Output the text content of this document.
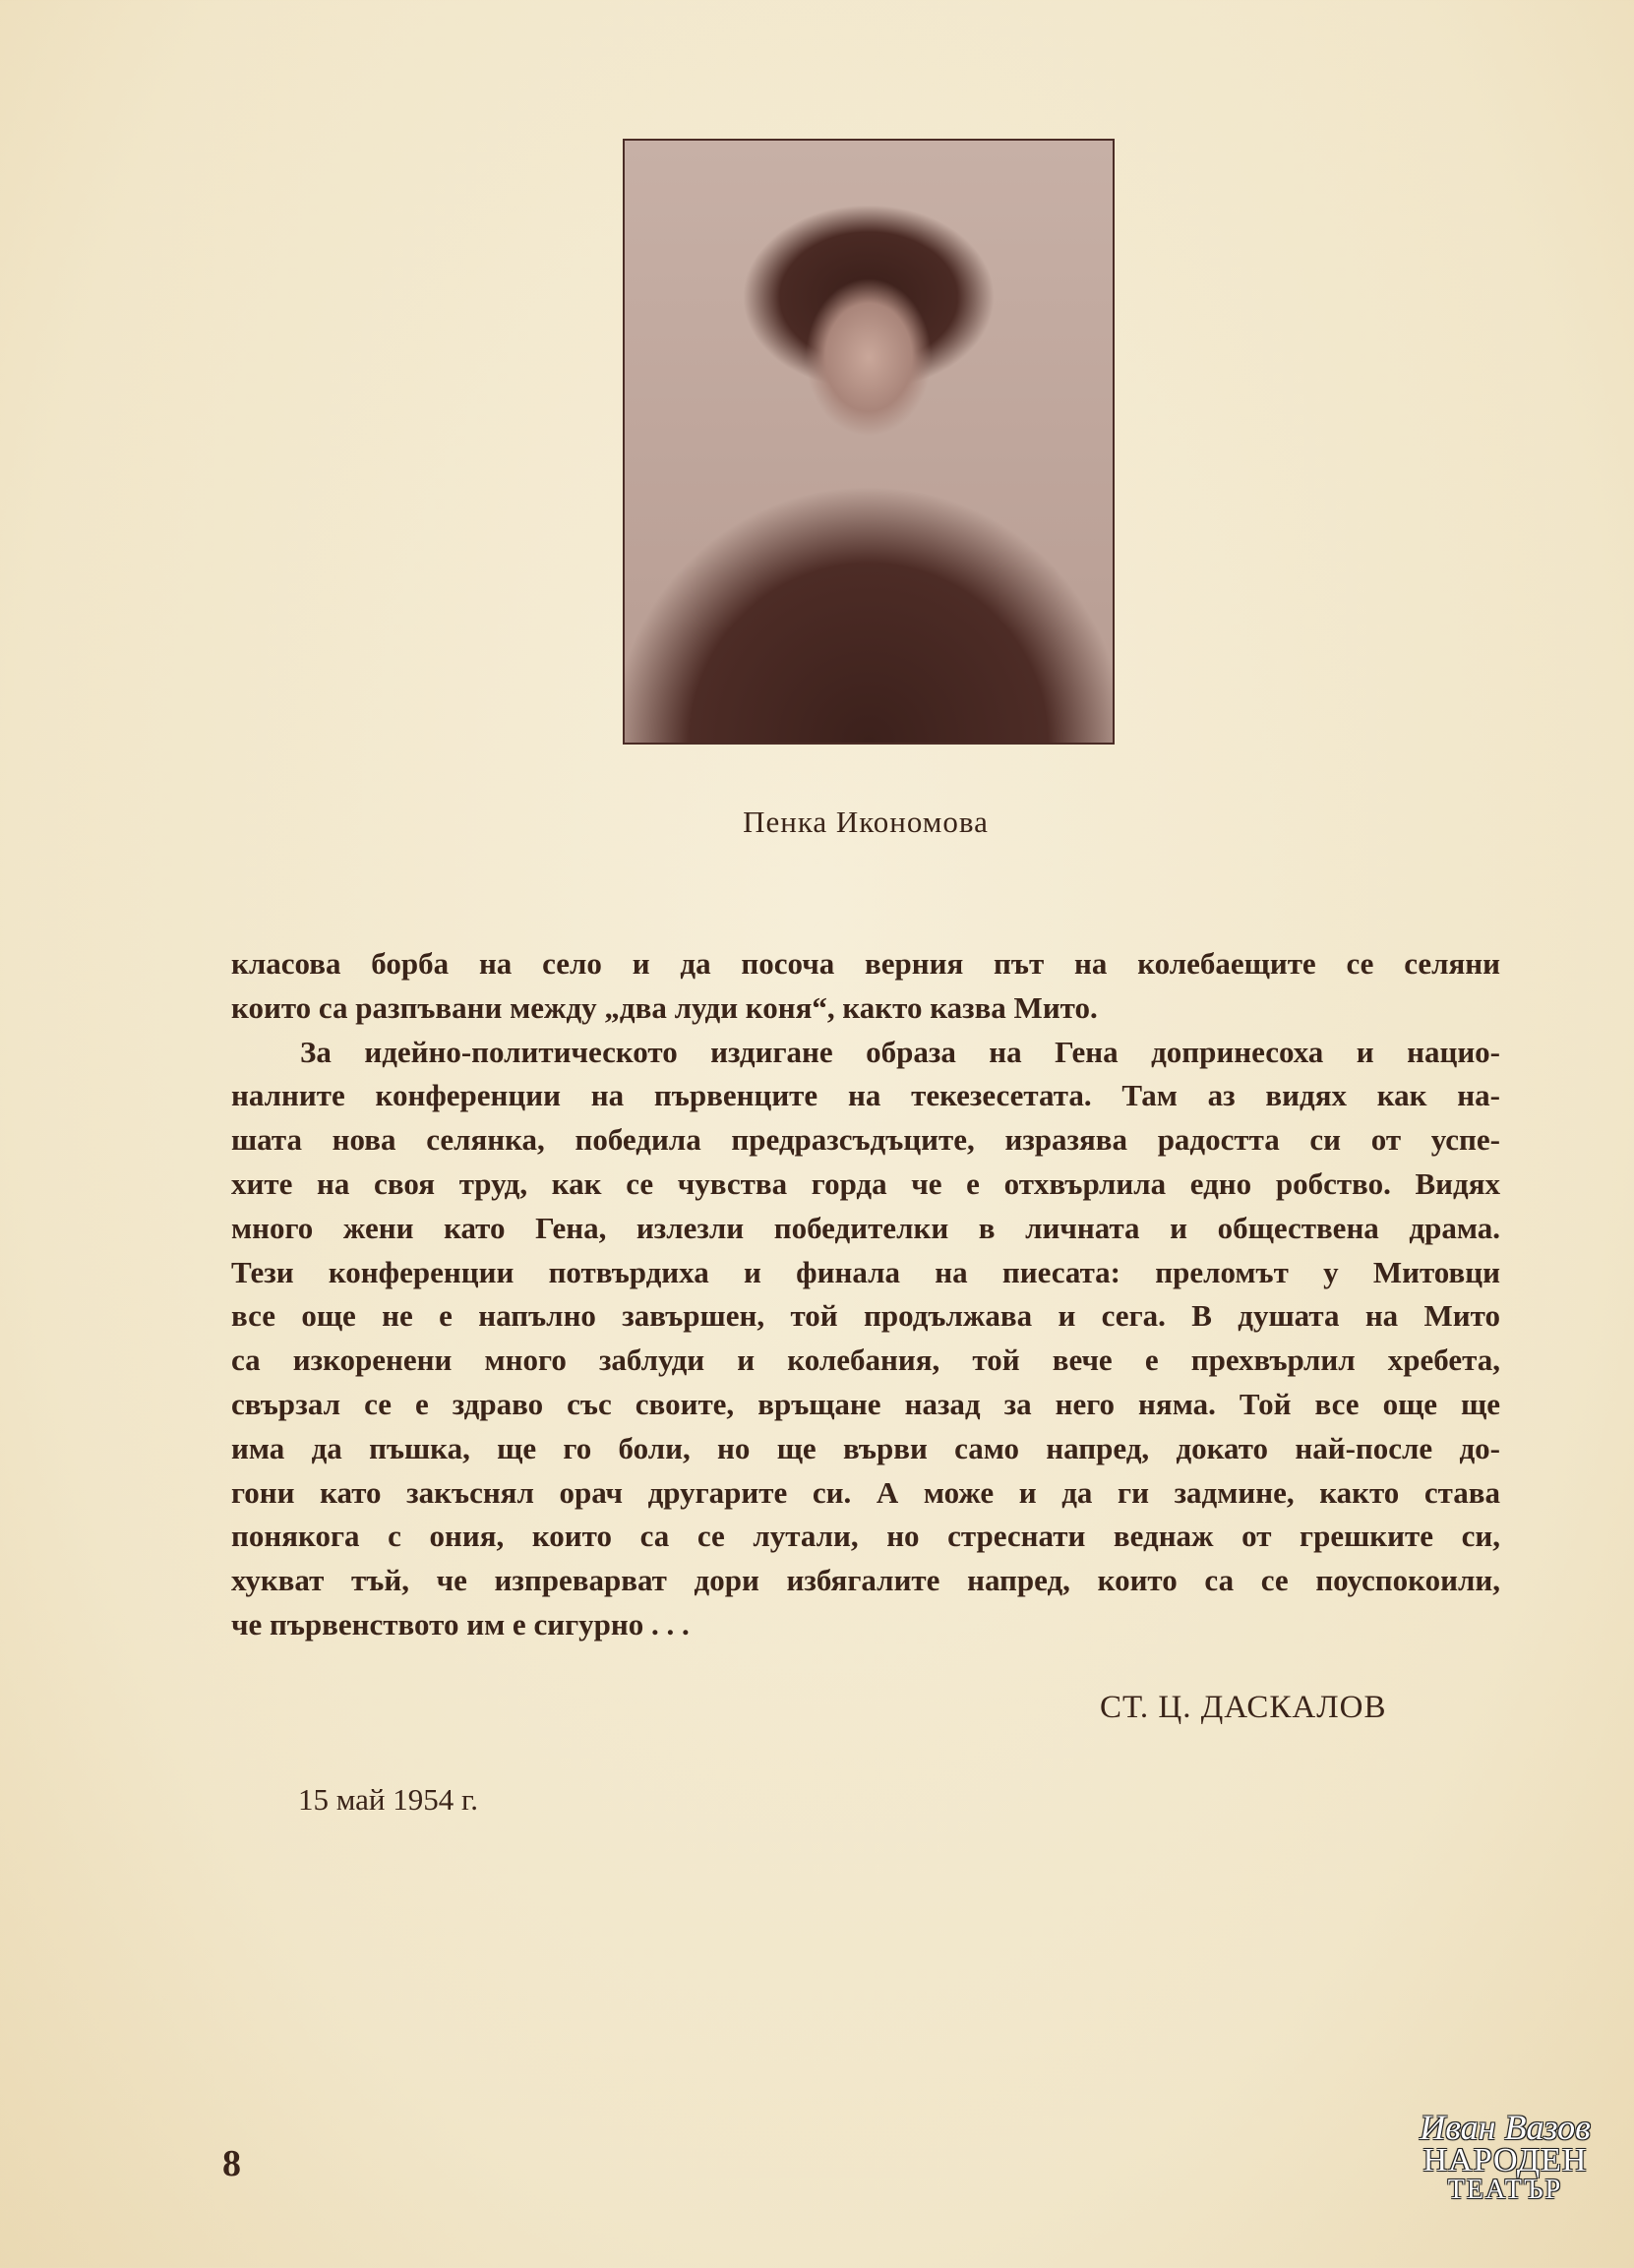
Пенка Икономова
класова борба на село и да посоча верния път на колебаещите се селяни
които са разпъвани между „два луди коня“, както казва Мито.
За идейно-политическото издигане образа на Гена допринесоха и нацио-
налните конференции на първенците на текезесетата. Там аз видях как на-
шата нова селянка, победила предразсъдъците, изразява радостта си от успе-
хите на своя труд, как се чувства горда че е отхвърлила едно робство. Видях
много жени като Гена, излезли победителки в личната и обществена драма.
Тези конференции потвърдиха и финала на пиесата: преломът у Митовци
все още не е напълно завършен, той продължава и сега. В душата на Мито
са изкоренени много заблуди и колебания, той вече е прехвърлил хребета,
свързал се е здраво със своите, връщане назад за него няма. Той все още ще
има да пъшка, ще го боли, но ще върви само напред, докато най-после до-
гони като закъснял орач другарите си. А може и да ги задмине, както става
понякога с ония, които са се лутали, но стреснати веднаж от грешките си,
хукват тъй, че изпреварват дори избягалите напред, които са се поуспокоили,
че първенството им е сигурно . . .
СТ. Ц. ДАСКАЛОВ
15 май 1954 г.
8
Иван Вазов
НАРОДЕН
ТЕАТЪР
